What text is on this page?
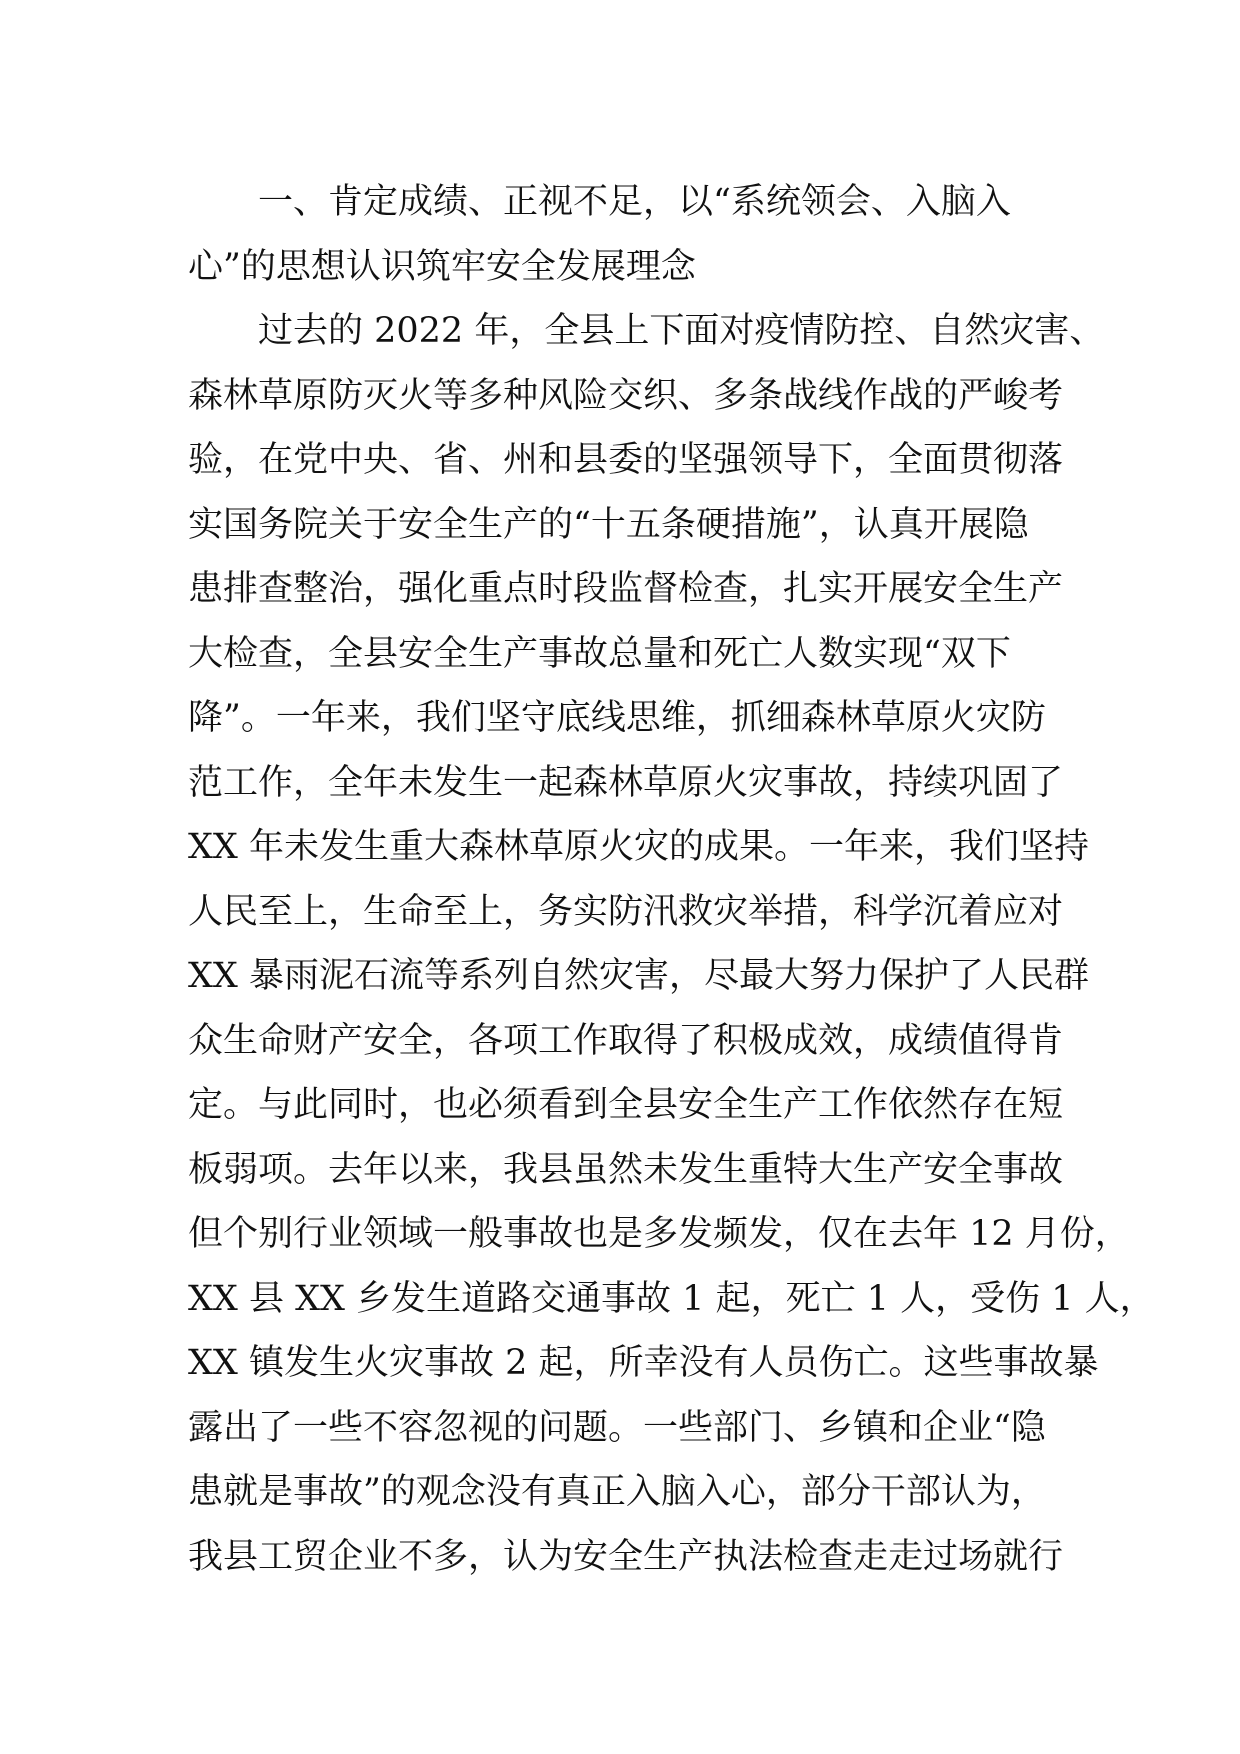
一、肯定成绩、正视不足，以“系统领会、入脑入
心”的思想认识筑牢安全发展理念
过去的 2022 年，全县上下面对疫情防控、自然灾害、
森林草原防灭火等多种风险交织、多条战线作战的严峻考
验，在党中央、省、州和县委的坚强领导下，全面贯彻落
实国务院关于安全生产的“十五条硬措施”，认真开展隐
患排查整治，强化重点时段监督检查，扎实开展安全生产
大检查，全县安全生产事故总量和死亡人数实现“双下
降”。一年来，我们坚守底线思维，抓细森林草原火灾防
范工作，全年未发生一起森林草原火灾事故，持续巩固了
XX 年未发生重大森林草原火灾的成果。一年来，我们坚持
人民至上，生命至上，务实防汛救灾举措，科学沉着应对
XX 暴雨泥石流等系列自然灾害，尽最大努力保护了人民群
众生命财产安全，各项工作取得了积极成效，成绩值得肯
定。与此同时，也必须看到全县安全生产工作依然存在短
板弱项。去年以来，我县虽然未发生重特大生产安全事故
但个别行业领域一般事故也是多发频发，仅在去年 12 月份，
XX 县 XX 乡发生道路交通事故 1 起，死亡 1 人，受伤 1 人，
XX 镇发生火灾事故 2 起，所幸没有人员伤亡。这些事故暴
露出了一些不容忽视的问题。一些部门、乡镇和企业“隐
患就是事故”的观念没有真正入脑入心，部分干部认为，
我县工贸企业不多，认为安全生产执法检查走走过场就行
